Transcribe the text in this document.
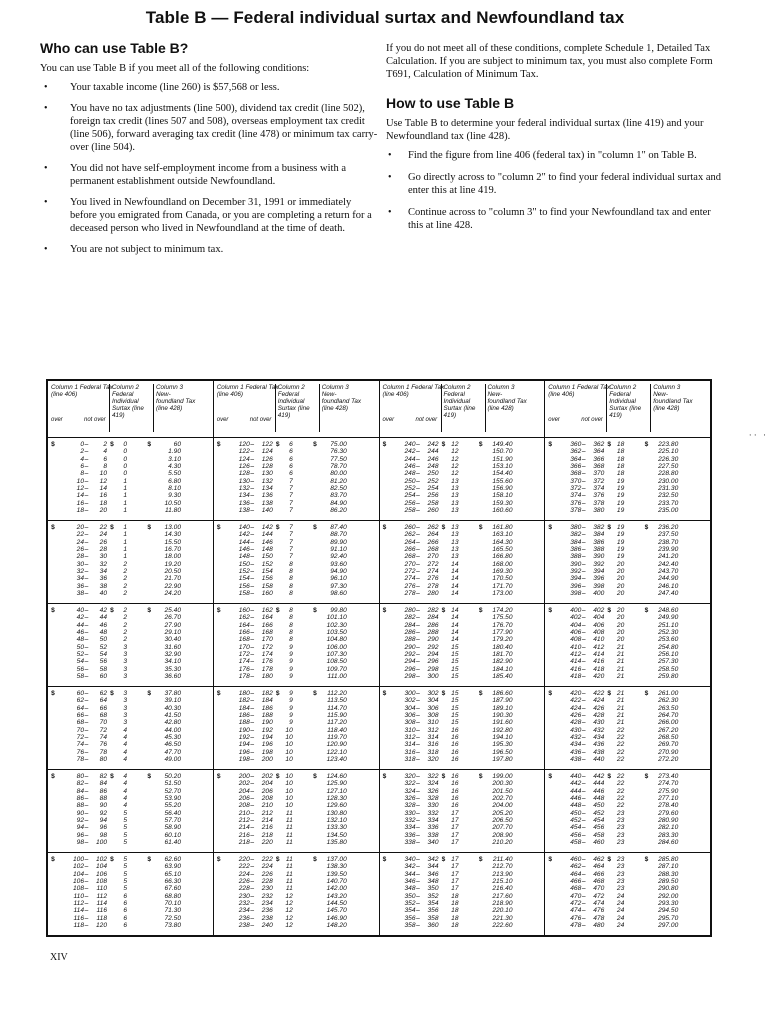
Table B — Federal individual surtax and Newfoundland tax
Who can use Table B?

You can use Table B if you meet all of the following conditions:

• Your taxable income (line 260) is $57,568 or less.
• You have no tax adjustments (line 500), dividend tax credit (line 502), foreign tax credit (lines 507 and 508), overseas employment tax credit (line 506), forward averaging tax credit (line 478) or minimum tax carry-over (line 504).
• You did not have self-employment income from a business with a permanent establishment outside Newfoundland.
• You lived in Newfoundland on December 31, 1991 or immediately before you emigrated from Canada, or you are completing a return for a deceased person who lived in Newfoundland at the time of death.
• You are not subject to minimum tax.

If you do not meet all of these conditions, complete Schedule 1, Detailed Tax Calculation. If you are subject to minimum tax, you must also complete Form T691, Calculation of Minimum Tax.

How to use Table B

Use Table B to determine your federal individual surtax (line 419) and your Newfoundland tax (line 428).

• Find the figure from line 406 (federal tax) in "column 1" on Table B.
• Go directly across to "column 2" to find your federal individual surtax and enter this at line 419.
• Continue across to "column 3" to find your Newfoundland tax and enter this at line 428.
Column 1 Federal Tax (line 406)
Column 2 Federal Individual Surtax (line 419)
Column 3 New-foundland Tax (line 428)
over	not over
$	0 –	2 $	0	$	60
2 –	4	0	1.90
4 –	6	0	3.10
6 –	8	0	4.30
8 –	10	0	5.50
10 –	12	1	6.80
12 –	14	1	8.10
14 –	16	1	9.30
16 –	18	1	10.50
18 –	20	1	11.80
$	20 –	22 $	1	$	13.00
22 –	24	1	14.30
24 –	26	1	15.50
26 –	28	1	16.70
28 –	30	1	18.00
30 –	32	2	19.20
32 –	34	2	20.50
34 –	36	2	21.70
36 –	38	2	22.90
38 –	40	2	24.20
$	40 –	42 $	2	$	25.40
42 –	44	2	26.70
44 –	46	2	27.90
46 –	48	2	29.10
48 –	50	2	30.40
50 –	52	3	31.60
52 –	54	3	32.90
54 –	56	3	34.10
56 –	58	3	35.30
58 –	60	3	36.60
$	60 –	62 $	3	$	37.80
62 –	64	3	39.10
64 –	66	3	40.30
66 –	68	3	41.50
68 –	70	3	42.80
70 –	72	4	44.00
72 –	74	4	45.30
74 –	76	4	46.50
76 –	78	4	47.70
78 –	80	4	49.00
$	80 –	82 $	4	$	50.20
82 –	84	4	51.50
84 –	86	4	52.70
86 –	88	4	53.90
88 –	90	4	55.20
90 –	92	5	56.40
92 –	94	5	57.70
94 –	96	5	58.90
96 –	98	5	60.10
98 –	100	5	61.40
$	100 –	102 $	5	$	62.60
102 –	104	5	63.90
104 –	106	5	65.10
106 –	108	5	66.30
108 –	110	5	67.60
110 –	112	6	68.80
112 –	114	6	70.10
114 –	116	6	71.30
116 –	118	6	72.50
118 –	120	6	73.80
Column 1 Federal Tax (line 406)
Column 2 Federal Individual Surtax (line 419)
Column 3 New-foundland Tax (line 428)
over	not over
$	120 –	122 $	6	$	75.00
122 –	124	6	76.30
124 –	126	6	77.50
126 –	128	6	78.70
128 –	130	6	80.00
130 –	132	7	81.20
132 –	134	7	82.50
134 –	136	7	83.70
136 –	138	7	84.90
138 –	140	7	86.20
$	140 –	142 $	7	$	87.40
142 –	144	7	88.70
144 –	146	7	89.90
146 –	148	7	91.10
148 –	150	7	92.40
150 –	152	8	93.60
152 –	154	8	94.90
154 –	156	8	96.10
156 –	158	8	97.30
158 –	160	8	98.60
$	160 –	162 $	8	$	99.80
162 –	164	8	101.10
164 –	166	8	102.30
166 –	168	8	103.50
168 –	170	8	104.80
170 –	172	9	106.00
172 –	174	9	107.30
174 –	176	9	108.50
176 –	178	9	109.70
178 –	180	9	111.00
$	180 –	182 $	9	$	112.20
182 –	184	9	113.50
184 –	186	9	114.70
186 –	188	9	115.90
188 –	190	9	117.20
190 –	192	10	118.40
192 –	194	10	119.70
194 –	196	10	120.90
196 –	198	10	122.10
198 –	200	10	123.40
$	200 –	202 $ 10	$	124.60
202 –	204	10	125.90
204 –	206	10	127.10
206 –	208	10	128.30
208 –	210	10	129.60
210 –	212	11	130.80
212 –	214	11	132.10
214 –	216	11	133.30
216 –	218	11	134.50
218 –	220	11	135.80
$	220 –	222 $ 11	$	137.00
222 –	224	11	138.30
224 –	226	11	139.50
226 –	228	11	140.70
228 –	230	11	142.00
230 –	232	12	143.20
232 –	234	12	144.50
234 –	236	12	145.70
236 –	238	12	146.90
238 –	240	12	148.20
Column 1 Federal Tax (line 406)
Column 2 Federal Individual Surtax (line 419)
Column 3 New-foundland Tax (line 428)
over	not over
$	240 –	242 $ 12	$	149.40
242 –	244	12	150.70
244 –	246	12	151.90
246 –	248	12	153.10
248 –	250	12	154.40
250 –	252	13	155.60
252 –	254	13	156.90
254 –	256	13	158.10
256 –	258	13	159.30
258 –	260	13	160.60
$	260 –	262 $ 13	$	161.80
262 –	264	13	163.10
264 –	266	13	164.30
266 –	268	13	165.50
268 –	270	13	166.80
270 –	272	14	168.00
272 –	274	14	169.30
274 –	276	14	170.50
276 –	278	14	171.70
278 –	280	14	173.00
$	280 –	282 $ 14	$	174.20
282 –	284	14	175.50
284 –	286	14	176.70
286 –	288	14	177.90
288 –	290	14	179.20
290 –	292	15	180.40
292 –	294	15	181.70
294 –	296	15	182.90
296 –	298	15	184.10
298 –	300	15	185.40
$	300 –	302 $ 15	$	186.60
302 –	304	15	187.90
304 –	306	15	189.10
306 –	308	15	190.30
308 –	310	15	191.60
310 –	312	16	192.80
312 –	314	16	194.10
314 –	316	16	195.30
316 –	318	16	196.50
318 –	320	16	197.80
$	320 –	322 $ 16	$	199.00
322 –	324	16	200.30
324 –	326	16	201.50
326 –	328	16	202.70
328 –	330	16	204.00
330 –	332	17	205.20
332 –	334	17	206.50
334 –	336	17	207.70
336 –	338	17	208.90
338 –	340	17	210.20
$	340 –	342 $ 17	$	211.40
342 –	344	17	212.70
344 –	346	17	213.90
346 –	348	17	215.10
348 –	350	17	216.40
350 –	352	18	217.60
352 –	354	18	218.90
354 –	356	18	220.10
356 –	358	18	221.30
358 –	360	18	222.60
Column 1 Federal Tax (line 406)
Column 2 Federal Individual Surtax (line 419)
Column 3 New-foundland Tax (line 428)
over	not over
$	360 –	362 $ 18	$	223.80
362 –	364	18	225.10
364 –	366	18	226.30
366 –	368	18	227.50
368 –	370	18	228.80
370 –	372	19	230.00
372 –	374	19	231.30
374 –	376	19	232.50
376 –	378	19	233.70
378 –	380	19	235.00
$	380 –	382 $ 19	$	236.20
382 –	384	19	237.50
384 –	386	19	238.70
386 –	388	19	239.90
388 –	390	19	241.20
390 –	392	20	242.40
392 –	394	20	243.70
394 –	396	20	244.90
396 –	398	20	246.10
398 –	400	20	247.40
$	400 –	402 $ 20	$	248.60
402 –	404	20	249.90
404 –	406	20	251.10
406 –	408	20	252.30
408 –	410	20	253.60
410 –	412	21	254.80
412 –	414	21	256.10
414 –	416	21	257.30
416 –	418	21	258.50
418 –	420	21	259.80
$	420 –	422 $ 21	$	261.00
422 –	424	21	262.30
424 –	426	21	263.50
426 –	428	21	264.70
428 –	430	21	266.00
430 –	432	22	267.20
432 –	434	22	268.50
434 –	436	22	269.70
436 –	438	22	270.90
438 –	440	22	272.20
$	440 –	442 $ 22	$	273.40
442 –	444	22	274.70
444 –	446	22	275.90
446 –	448	22	277.10
448 –	450	22	278.40
450 –	452	23	279.60
452 –	454	23	280.90
454 –	456	23	282.10
456 –	458	23	283.30
458 –	460	23	284.60
$	460 –	462 $ 23	$	285.80
462 –	464	23	287.10
464 –	466	23	288.30
466 –	468	23	289.50
468 –	470	23	290.80
470 –	472	24	292.00
472 –	474	24	293.30
474 –	476	24	294.50
476 –	478	24	295.70
478 –	480	24	297.00
·· ·
XIV
